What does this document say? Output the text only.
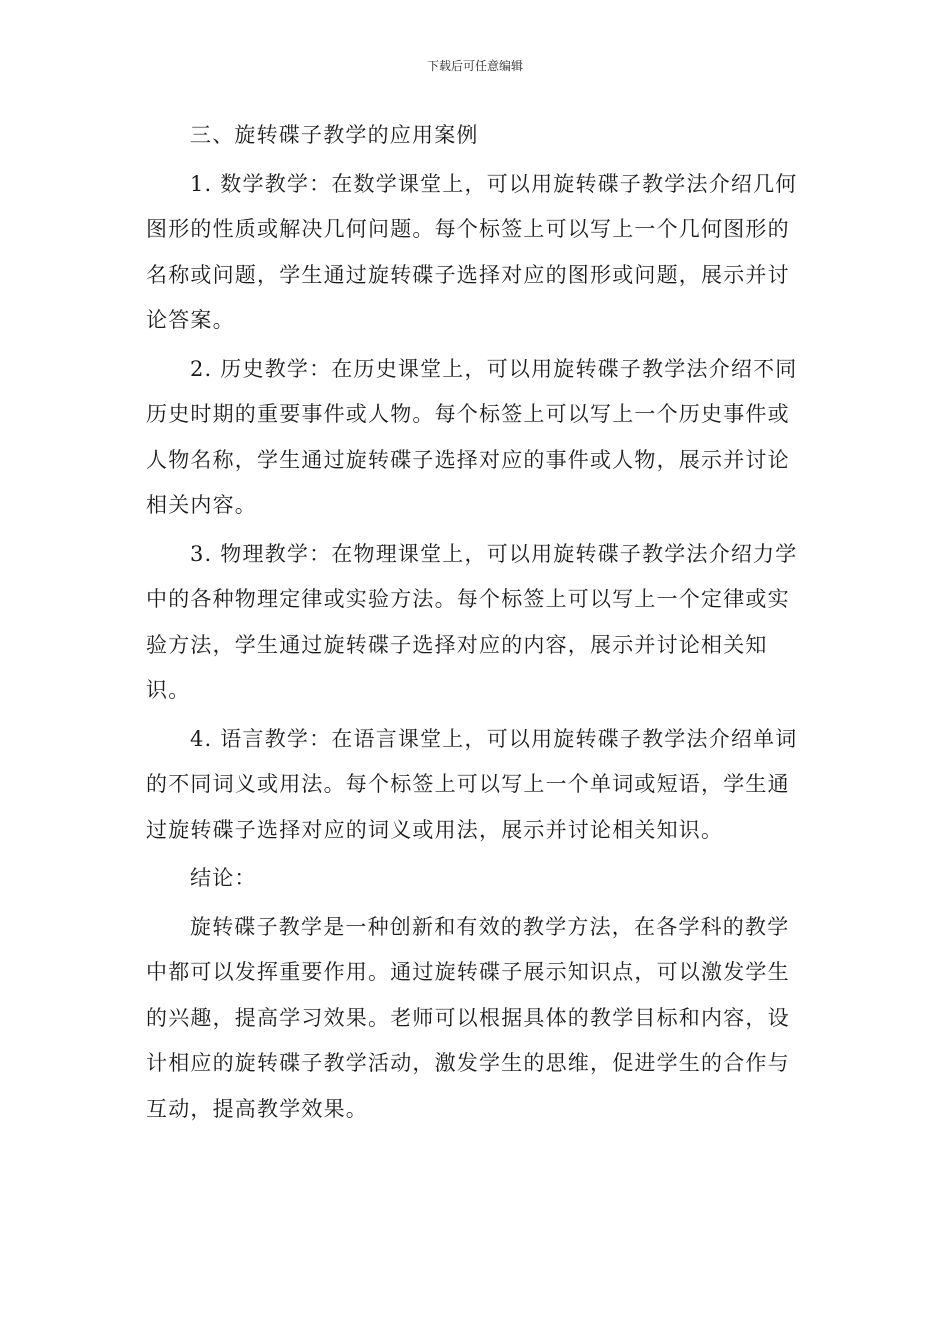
下载后可任意编辑

三、旋转碟子教学的应用案例

1. 数学教学：在数学课堂上，可以用旋转碟子教学法介绍几何图形的性质或解决几何问题。每个标签上可以写上一个几何图形的名称或问题，学生通过旋转碟子选择对应的图形或问题，展示并讨论答案。

2. 历史教学：在历史课堂上，可以用旋转碟子教学法介绍不同历史时期的重要事件或人物。每个标签上可以写上一个历史事件或人物名称，学生通过旋转碟子选择对应的事件或人物，展示并讨论相关内容。

3. 物理教学：在物理课堂上，可以用旋转碟子教学法介绍力学中的各种物理定律或实验方法。每个标签上可以写上一个定律或实验方法，学生通过旋转碟子选择对应的内容，展示并讨论相关知识。

4. 语言教学：在语言课堂上，可以用旋转碟子教学法介绍单词的不同词义或用法。每个标签上可以写上一个单词或短语，学生通过旋转碟子选择对应的词义或用法，展示并讨论相关知识。

结论：

旋转碟子教学是一种创新和有效的教学方法，在各学科的教学中都可以发挥重要作用。通过旋转碟子展示知识点，可以激发学生的兴趣，提高学习效果。老师可以根据具体的教学目标和内容，设计相应的旋转碟子教学活动，激发学生的思维，促进学生的合作与互动，提高教学效果。
